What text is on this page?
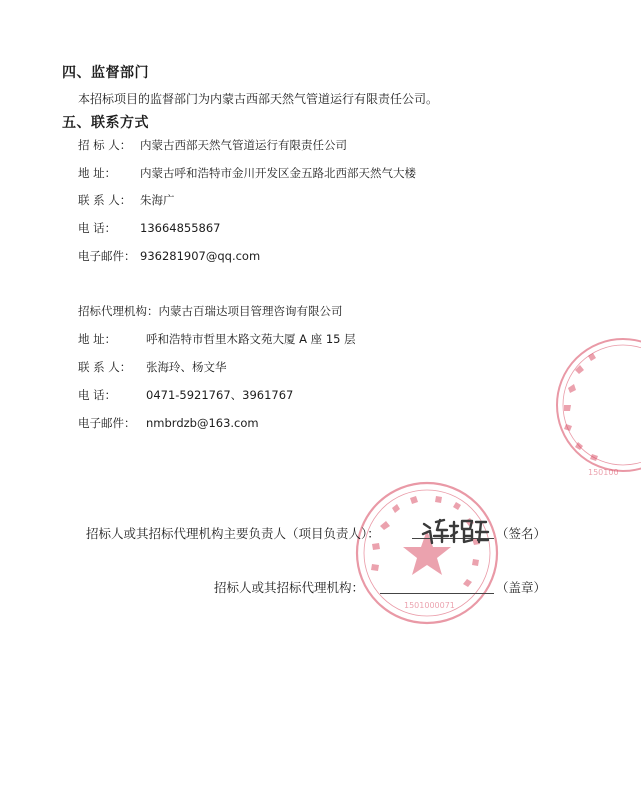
四、监督部门
本招标项目的监督部门为内蒙古西部天然气管道运行有限责任公司。
五、联系方式
招 标 人： 内蒙古西部天然气管道运行有限责任公司
地 址： 内蒙古呼和浩特市金川开发区金五路北西部天然气大楼
联 系 人： 朱海广
电 话： 13664855867
电子邮件： 936281907@qq.com
招标代理机构：内蒙古百瑞达项目管理咨询有限公司
地 址：	呼和浩特市哲里木路文苑大厦 A 座 15 层
联 系 人： 张海玲、杨文华
电 话：	0471-5921767、3961767
电子邮件： nmbrdzb@163.com
150100
1501000071
招标人或其招标代理机构主要负责人（项目负责人）：	（签名）
招标人或其招标代理机构：	（盖章）
